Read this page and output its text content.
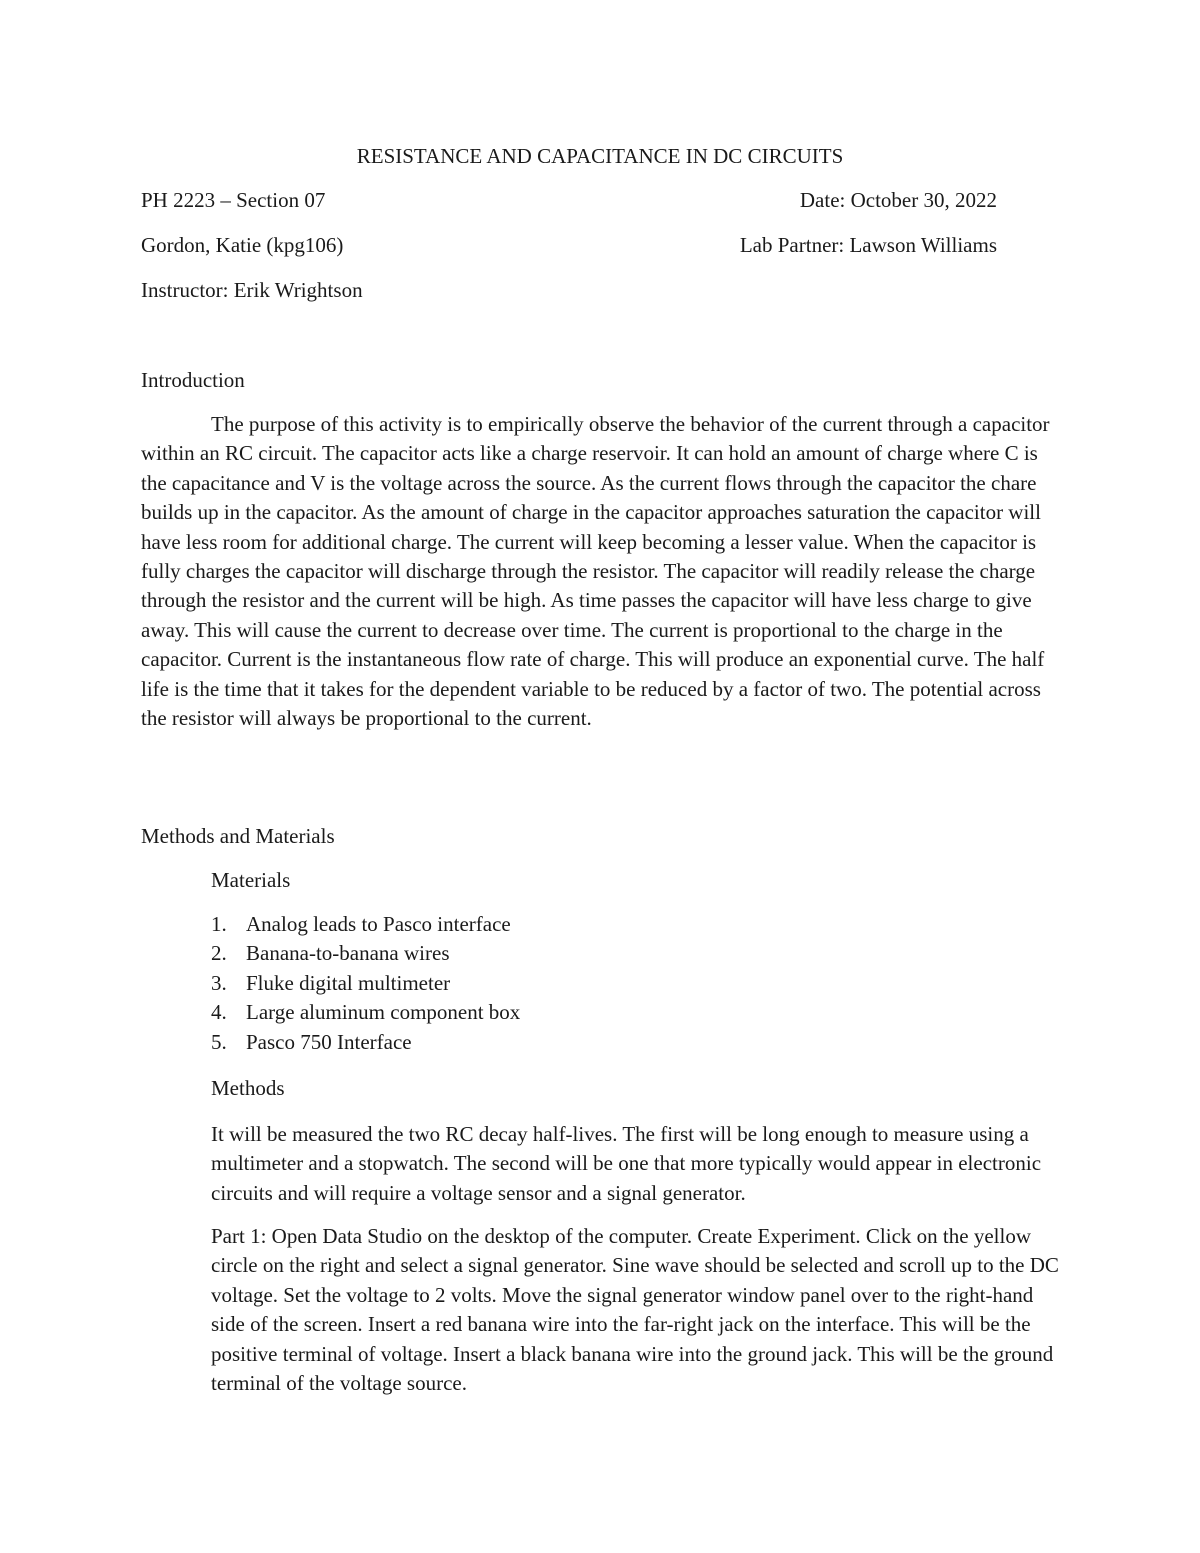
RESISTANCE AND CAPACITANCE IN DC CIRCUITS
PH 2223 – Section 07	Date: October 30, 2022
Gordon, Katie (kpg106)	Lab Partner: Lawson Williams
Instructor: Erik Wrightson
Introduction

The purpose of this activity is to empirically observe the behavior of the current through a capacitor within an RC circuit. The capacitor acts like a charge reservoir. It can hold an amount of charge where C is the capacitance and V is the voltage across the source. As the current flows through the capacitor the chare builds up in the capacitor. As the amount of charge in the capacitor approaches saturation the capacitor will have less room for additional charge. The current will keep becoming a lesser value. When the capacitor is fully charges the capacitor will discharge through the resistor. The capacitor will readily release the charge through the resistor and the current will be high. As time passes the capacitor will have less charge to give away. This will cause the current to decrease over time. The current is proportional to the charge in the capacitor. Current is the instantaneous flow rate of charge. This will produce an exponential curve. The half life is the time that it takes for the dependent variable to be reduced by a factor of two. The potential across the resistor will always be proportional to the current.

Methods and Materials
Materials
1. Analog leads to Pasco interface
2. Banana-to-banana wires
3. Fluke digital multimeter
4. Large aluminum component box
5. Pasco 750 Interface
Methods

It will be measured the two RC decay half-lives. The first will be long enough to measure using a multimeter and a stopwatch. The second will be one that more typically would appear in electronic circuits and will require a voltage sensor and a signal generator.

Part 1: Open Data Studio on the desktop of the computer. Create Experiment. Click on the yellow circle on the right and select a signal generator. Sine wave should be selected and scroll up to the DC voltage. Set the voltage to 2 volts. Move the signal generator window panel over to the right-hand side of the screen. Insert a red banana wire into the far-right jack on the interface. This will be the positive terminal of voltage. Insert a black banana wire into the ground jack. This will be the ground terminal of the voltage source.
